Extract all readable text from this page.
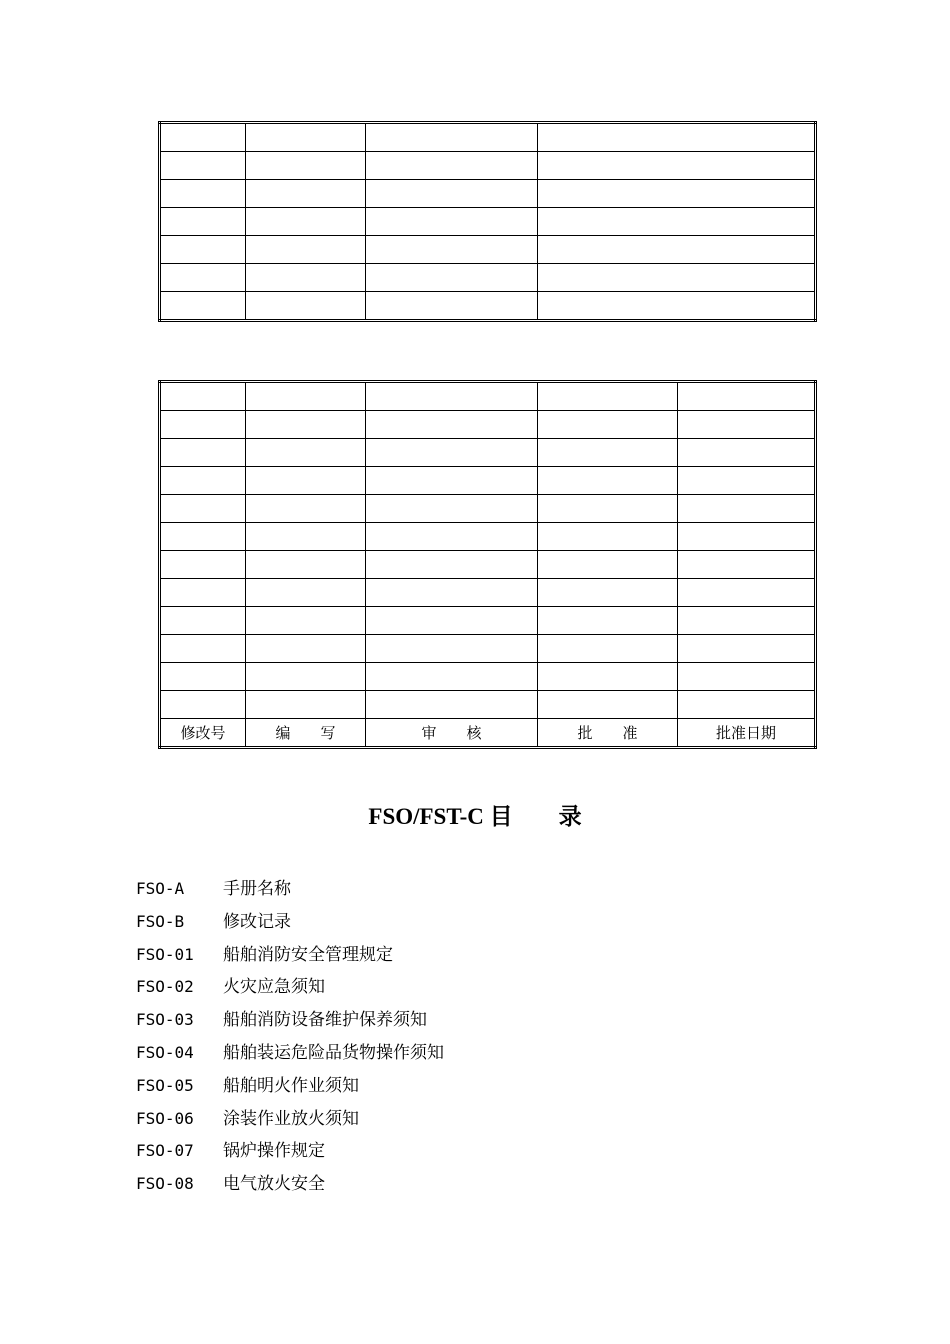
修改号	编　　写	审　　核	批　　准	批准日期
FSO/FST-C 目　　录
FSO-A 手册名称
FSO-B 修改记录
FSO-01 船舶消防安全管理规定
FSO-02 火灾应急须知
FSO-03 船舶消防设备维护保养须知
FSO-04 船舶装运危险品货物操作须知
FSO-05 船舶明火作业须知
FSO-06 涂装作业放火须知
FSO-07 锅炉操作规定
FSO-08 电气放火安全
